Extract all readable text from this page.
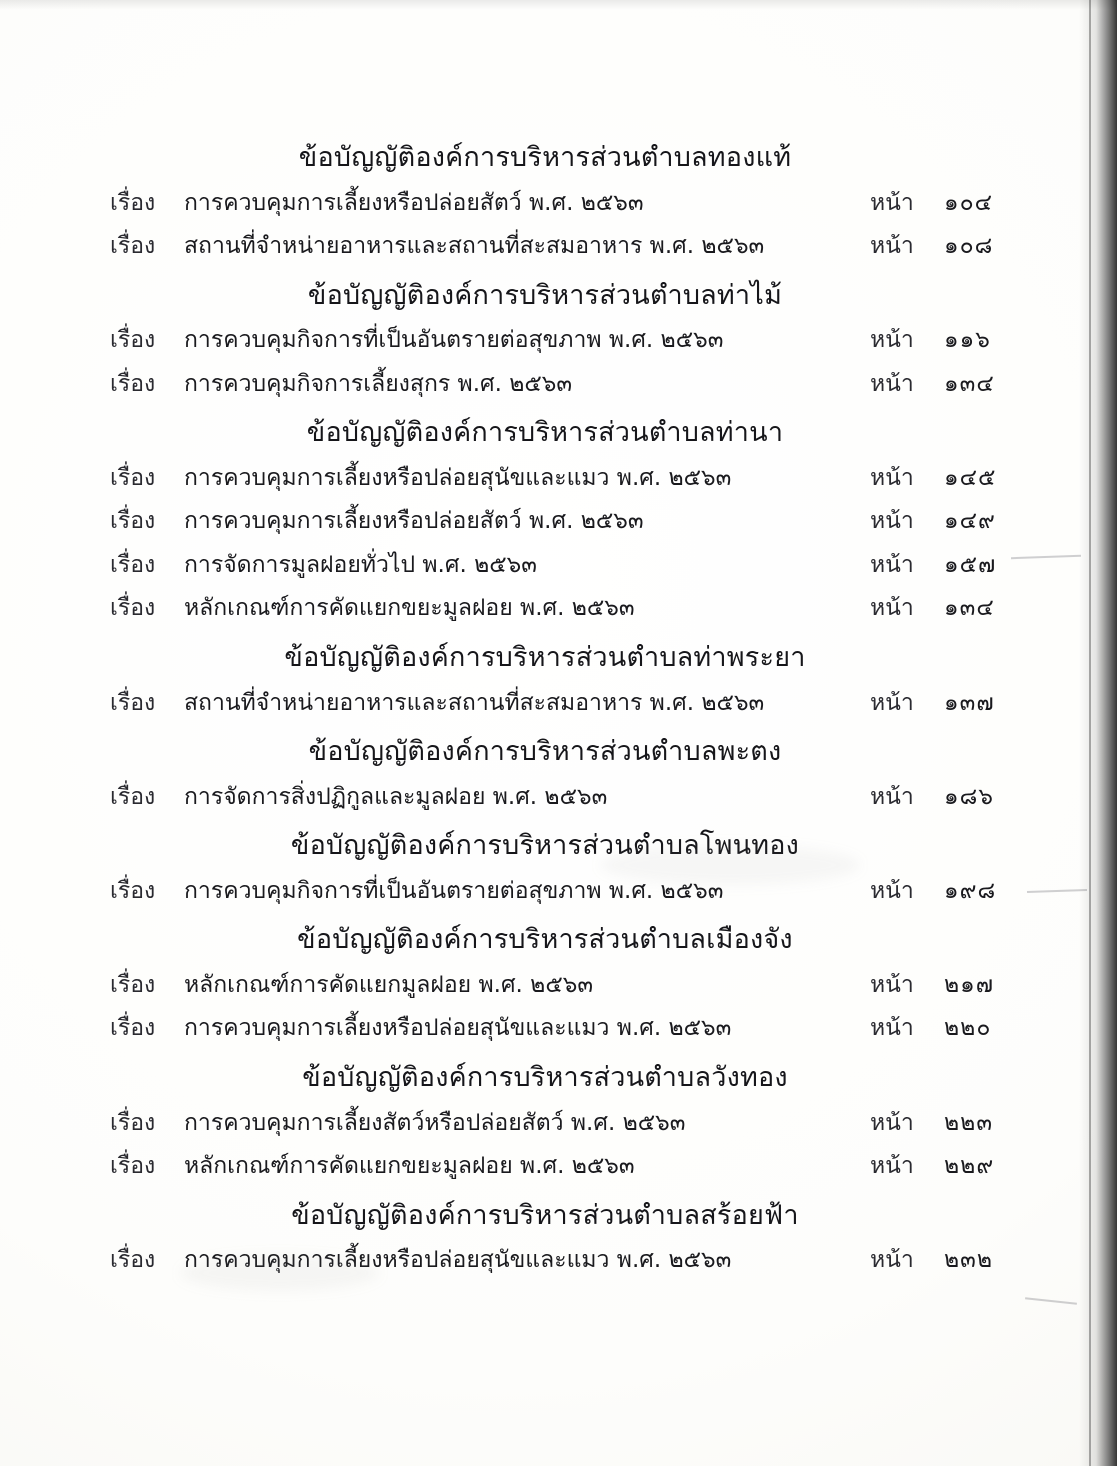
ข้อบัญญัติองค์การบริหารส่วนตำบลทองแท้
เรื่อง	การควบคุมการเลี้ยงหรือปล่อยสัตว์ พ.ศ. ๒๕๖๓	หน้า	๑๐๔
เรื่อง	สถานที่จำหน่ายอาหารและสถานที่สะสมอาหาร พ.ศ. ๒๕๖๓	หน้า	๑๐๘
ข้อบัญญัติองค์การบริหารส่วนตำบลท่าไม้
เรื่อง	การควบคุมกิจการที่เป็นอันตรายต่อสุขภาพ พ.ศ. ๒๕๖๓	หน้า	๑๑๖
เรื่อง	การควบคุมกิจการเลี้ยงสุกร พ.ศ. ๒๕๖๓	หน้า	๑๓๔
ข้อบัญญัติองค์การบริหารส่วนตำบลท่านา
เรื่อง	การควบคุมการเลี้ยงหรือปล่อยสุนัขและแมว พ.ศ. ๒๕๖๓	หน้า	๑๔๕
เรื่อง	การควบคุมการเลี้ยงหรือปล่อยสัตว์ พ.ศ. ๒๕๖๓	หน้า	๑๔๙
เรื่อง	การจัดการมูลฝอยทั่วไป พ.ศ. ๒๕๖๓	หน้า	๑๕๗
เรื่อง	หลักเกณฑ์การคัดแยกขยะมูลฝอย พ.ศ. ๒๕๖๓	หน้า	๑๓๔
ข้อบัญญัติองค์การบริหารส่วนตำบลท่าพระยา
เรื่อง	สถานที่จำหน่ายอาหารและสถานที่สะสมอาหาร พ.ศ. ๒๕๖๓	หน้า	๑๓๗
ข้อบัญญัติองค์การบริหารส่วนตำบลพะตง
เรื่อง	การจัดการสิ่งปฏิกูลและมูลฝอย พ.ศ. ๒๕๖๓	หน้า	๑๘๖
ข้อบัญญัติองค์การบริหารส่วนตำบลโพนทอง
เรื่อง	การควบคุมกิจการที่เป็นอันตรายต่อสุขภาพ พ.ศ. ๒๕๖๓	หน้า	๑๙๘
ข้อบัญญัติองค์การบริหารส่วนตำบลเมืองจัง
เรื่อง	หลักเกณฑ์การคัดแยกมูลฝอย พ.ศ. ๒๕๖๓	หน้า	๒๑๗
เรื่อง	การควบคุมการเลี้ยงหรือปล่อยสุนัขและแมว พ.ศ. ๒๕๖๓	หน้า	๒๒๐
ข้อบัญญัติองค์การบริหารส่วนตำบลวังทอง
เรื่อง	การควบคุมการเลี้ยงสัตว์หรือปล่อยสัตว์ พ.ศ. ๒๕๖๓	หน้า	๒๒๓
เรื่อง	หลักเกณฑ์การคัดแยกขยะมูลฝอย พ.ศ. ๒๕๖๓	หน้า	๒๒๙
ข้อบัญญัติองค์การบริหารส่วนตำบลสร้อยฟ้า
เรื่อง	การควบคุมการเลี้ยงหรือปล่อยสุนัขและแมว พ.ศ. ๒๕๖๓	หน้า	๒๓๒
